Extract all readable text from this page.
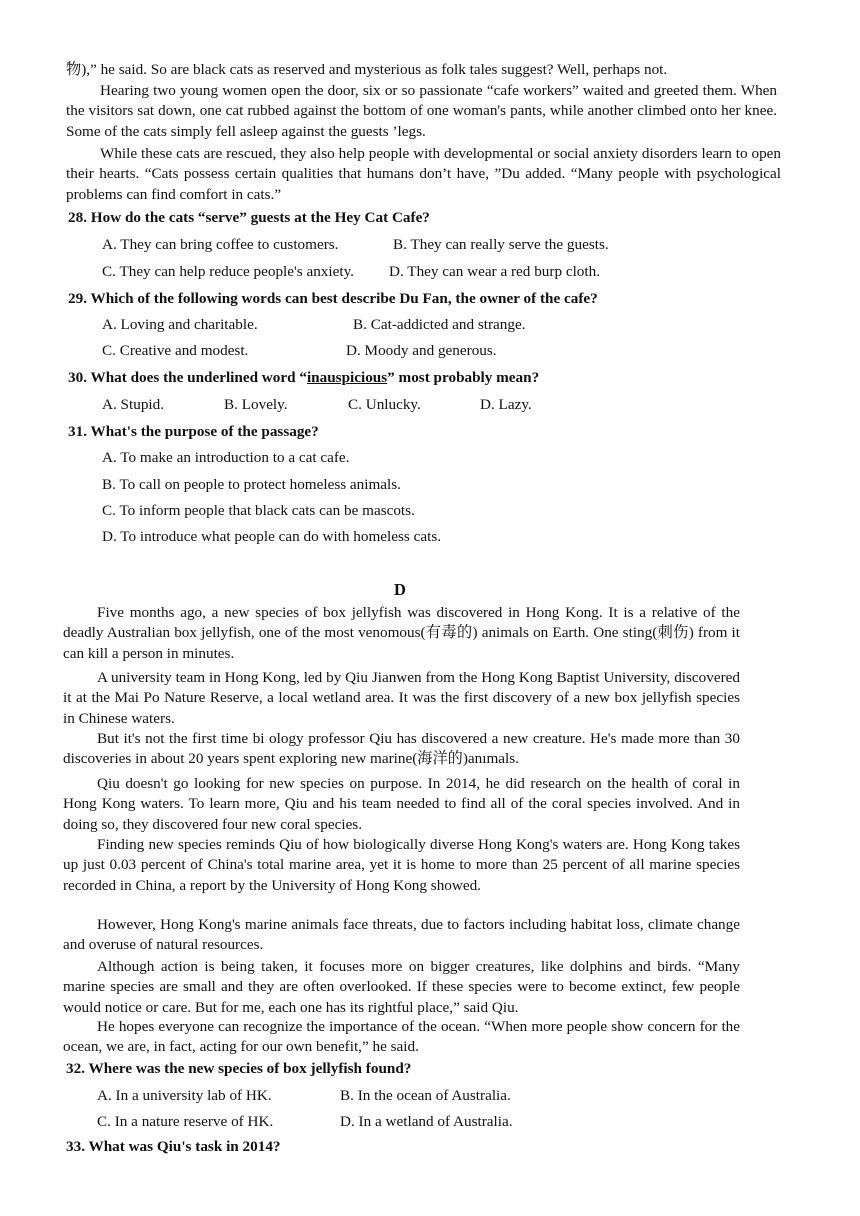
物),” he said. So are black cats as reserved and mysterious as folk tales suggest? Well, perhaps not.

Hearing two young women open the door, six or so passionate “cafe workers” waited and greeted them. When the visitors sat down, one cat rubbed against the bottom of one woman's pants, while another climbed onto her knee. Some of the cats simply fell asleep against the guests ’legs.

While these cats are rescued, they also help people with developmental or social anxiety disorders learn to open their hearts. “Cats possess certain qualities that humans don’t have, ”Du added. “Many people with psychological problems can find comfort in cats.”

28. How do the cats “serve” guests at the Hey Cat Cafe?

A. They can bring coffee to customers.	B. They can really serve the guests.

C. They can help reduce people's anxiety. D. They can wear a red burp cloth.

29. Which of the following words can best describe Du Fan, the owner of the cafe?

A. Loving and charitable.	B. Cat-addicted and strange.

C. Creative and modest.	D. Moody and generous.

30. What does the underlined word “inauspicious” most probably mean?

A. Stupid.	B. Lovely.	C. Unlucky.	D. Lazy.

31. What's the purpose of the passage?

A. To make an introduction to a cat cafe.

B. To call on people to protect homeless animals.

C. To inform people that black cats can be mascots.

D. To introduce what people can do with homeless cats.

D

Five months ago, a new species of box jellyfish was discovered in Hong Kong. It is a relative of the deadly Australian box jellyfish, one of the most venomous(有毒的) animals on Earth. One sting(刺伤) from it can kill a person in minutes.

A university team in Hong Kong, led by Qiu Jianwen from the Hong Kong Baptist University, discovered it at the Mai Po Nature Reserve, a local wetland area. It was the first discovery of a new box jellyfish species in Chinese waters.

But it's not the first time bi ology professor Qiu has discovered a new creature. He's made more than 30 discoveries in about 20 years spent exploring new marine(海洋的)anımals.

Qiu doesn't go looking for new species on purpose. In 2014, he did research on the health of coral in Hong Kong waters. To learn more, Qiu and his team needed to find all of the coral species involved. And in doing so, they discovered four new coral species.

Finding new species reminds Qiu of how biologically diverse Hong Kong's waters are. Hong Kong takes up just 0.03 percent of China's total marine area, yet it is home to more than 25 percent of all marine species recorded in China, a report by the University of Hong Kong showed.

However, Hong Kong's marine animals face threats, due to factors including habitat loss, climate change and overuse of natural resources.

Although action is being taken, it focuses more on bigger creatures, like dolphins and birds. “Many marine species are small and they are often overlooked. If these species were to become extinct, few people would notice or care. But for me, each one has its rightful place,” said Qiu.

He hopes everyone can recognize the importance of the ocean. “When more people show concern for the ocean, we are, in fact, acting for our own benefit,” he said.

32. Where was the new species of box jellyfish found?

A. In a university lab of HK.	B. In the ocean of Australia.

C. In a nature reserve of HK.	D. In a wetland of Australia.

33. What was Qiu's task in 2014?
